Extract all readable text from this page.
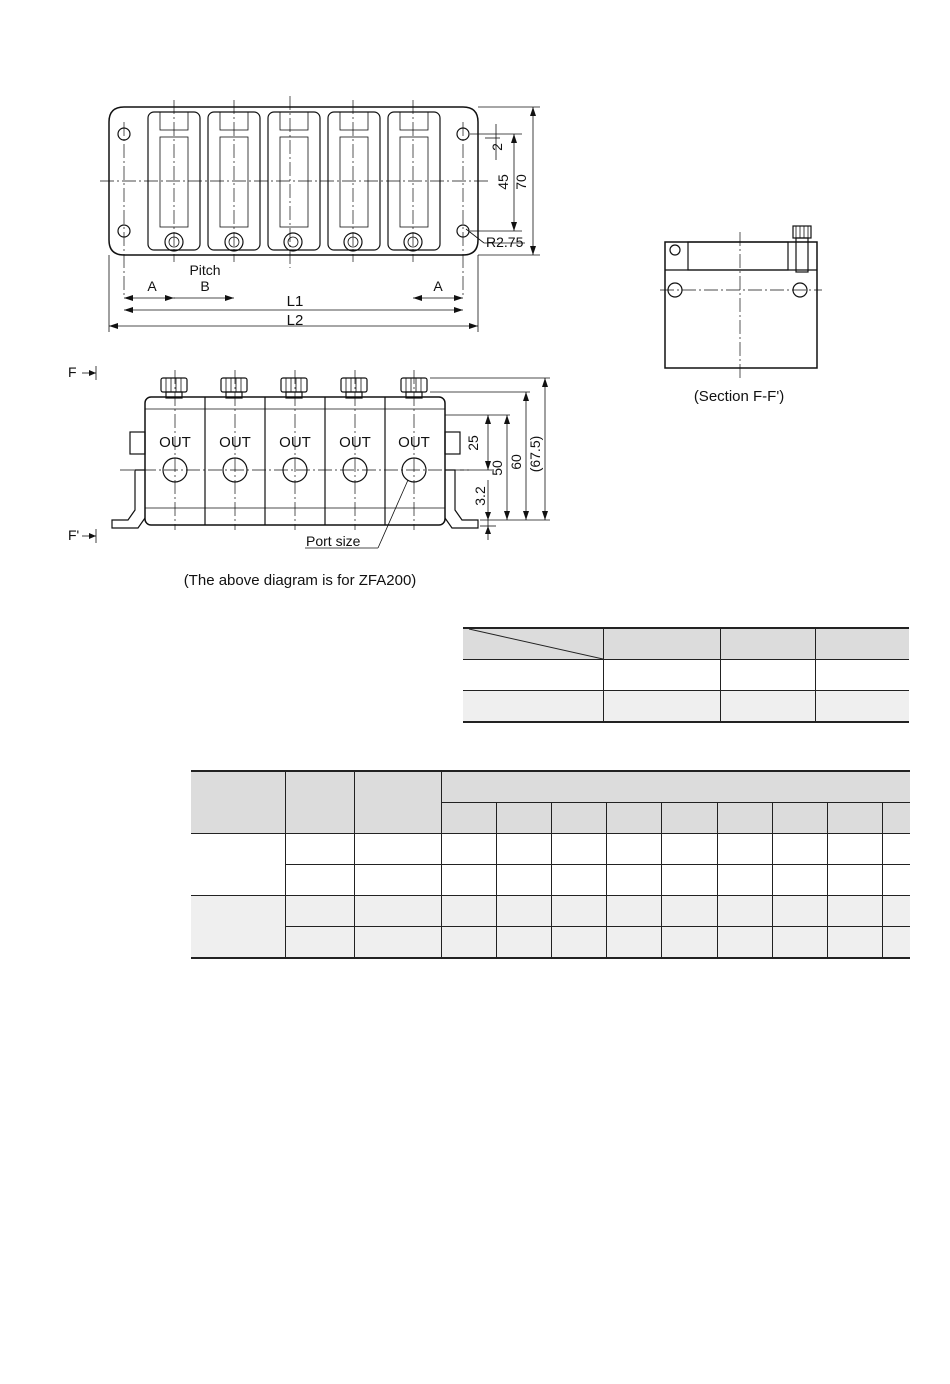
2
45 70
R2.75
A	B
Pitch
A
L1
L2
(Section F-F')
F
F'
OUT OUT OUT OUT OUT	25
50 60 (67.5)
3.2
Port size
(The above diagram is for ZFA200)
